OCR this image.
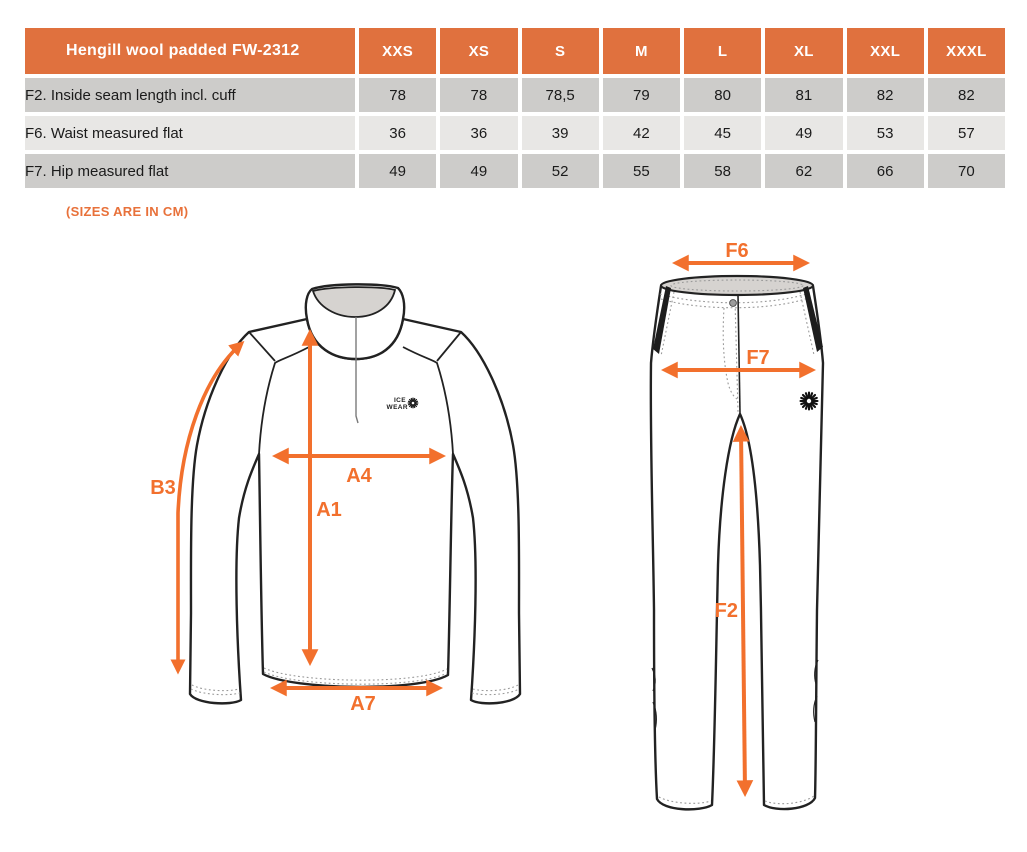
Hengill wool padded FW-2312	XXS	XS	S	M	L	XL	XXL	XXXL
F2. Inside seam length incl. cuff	78	78	78,5	79	80	81	82	82
F6. Waist measured flat	36	36	39	42	45	49	53	57
F7. Hip measured flat	49	49	52	55	58	62	66	70
(SIZES ARE IN CM)
ICE
WEAR
B3
A4
A1
A7
F6
F7
F2
